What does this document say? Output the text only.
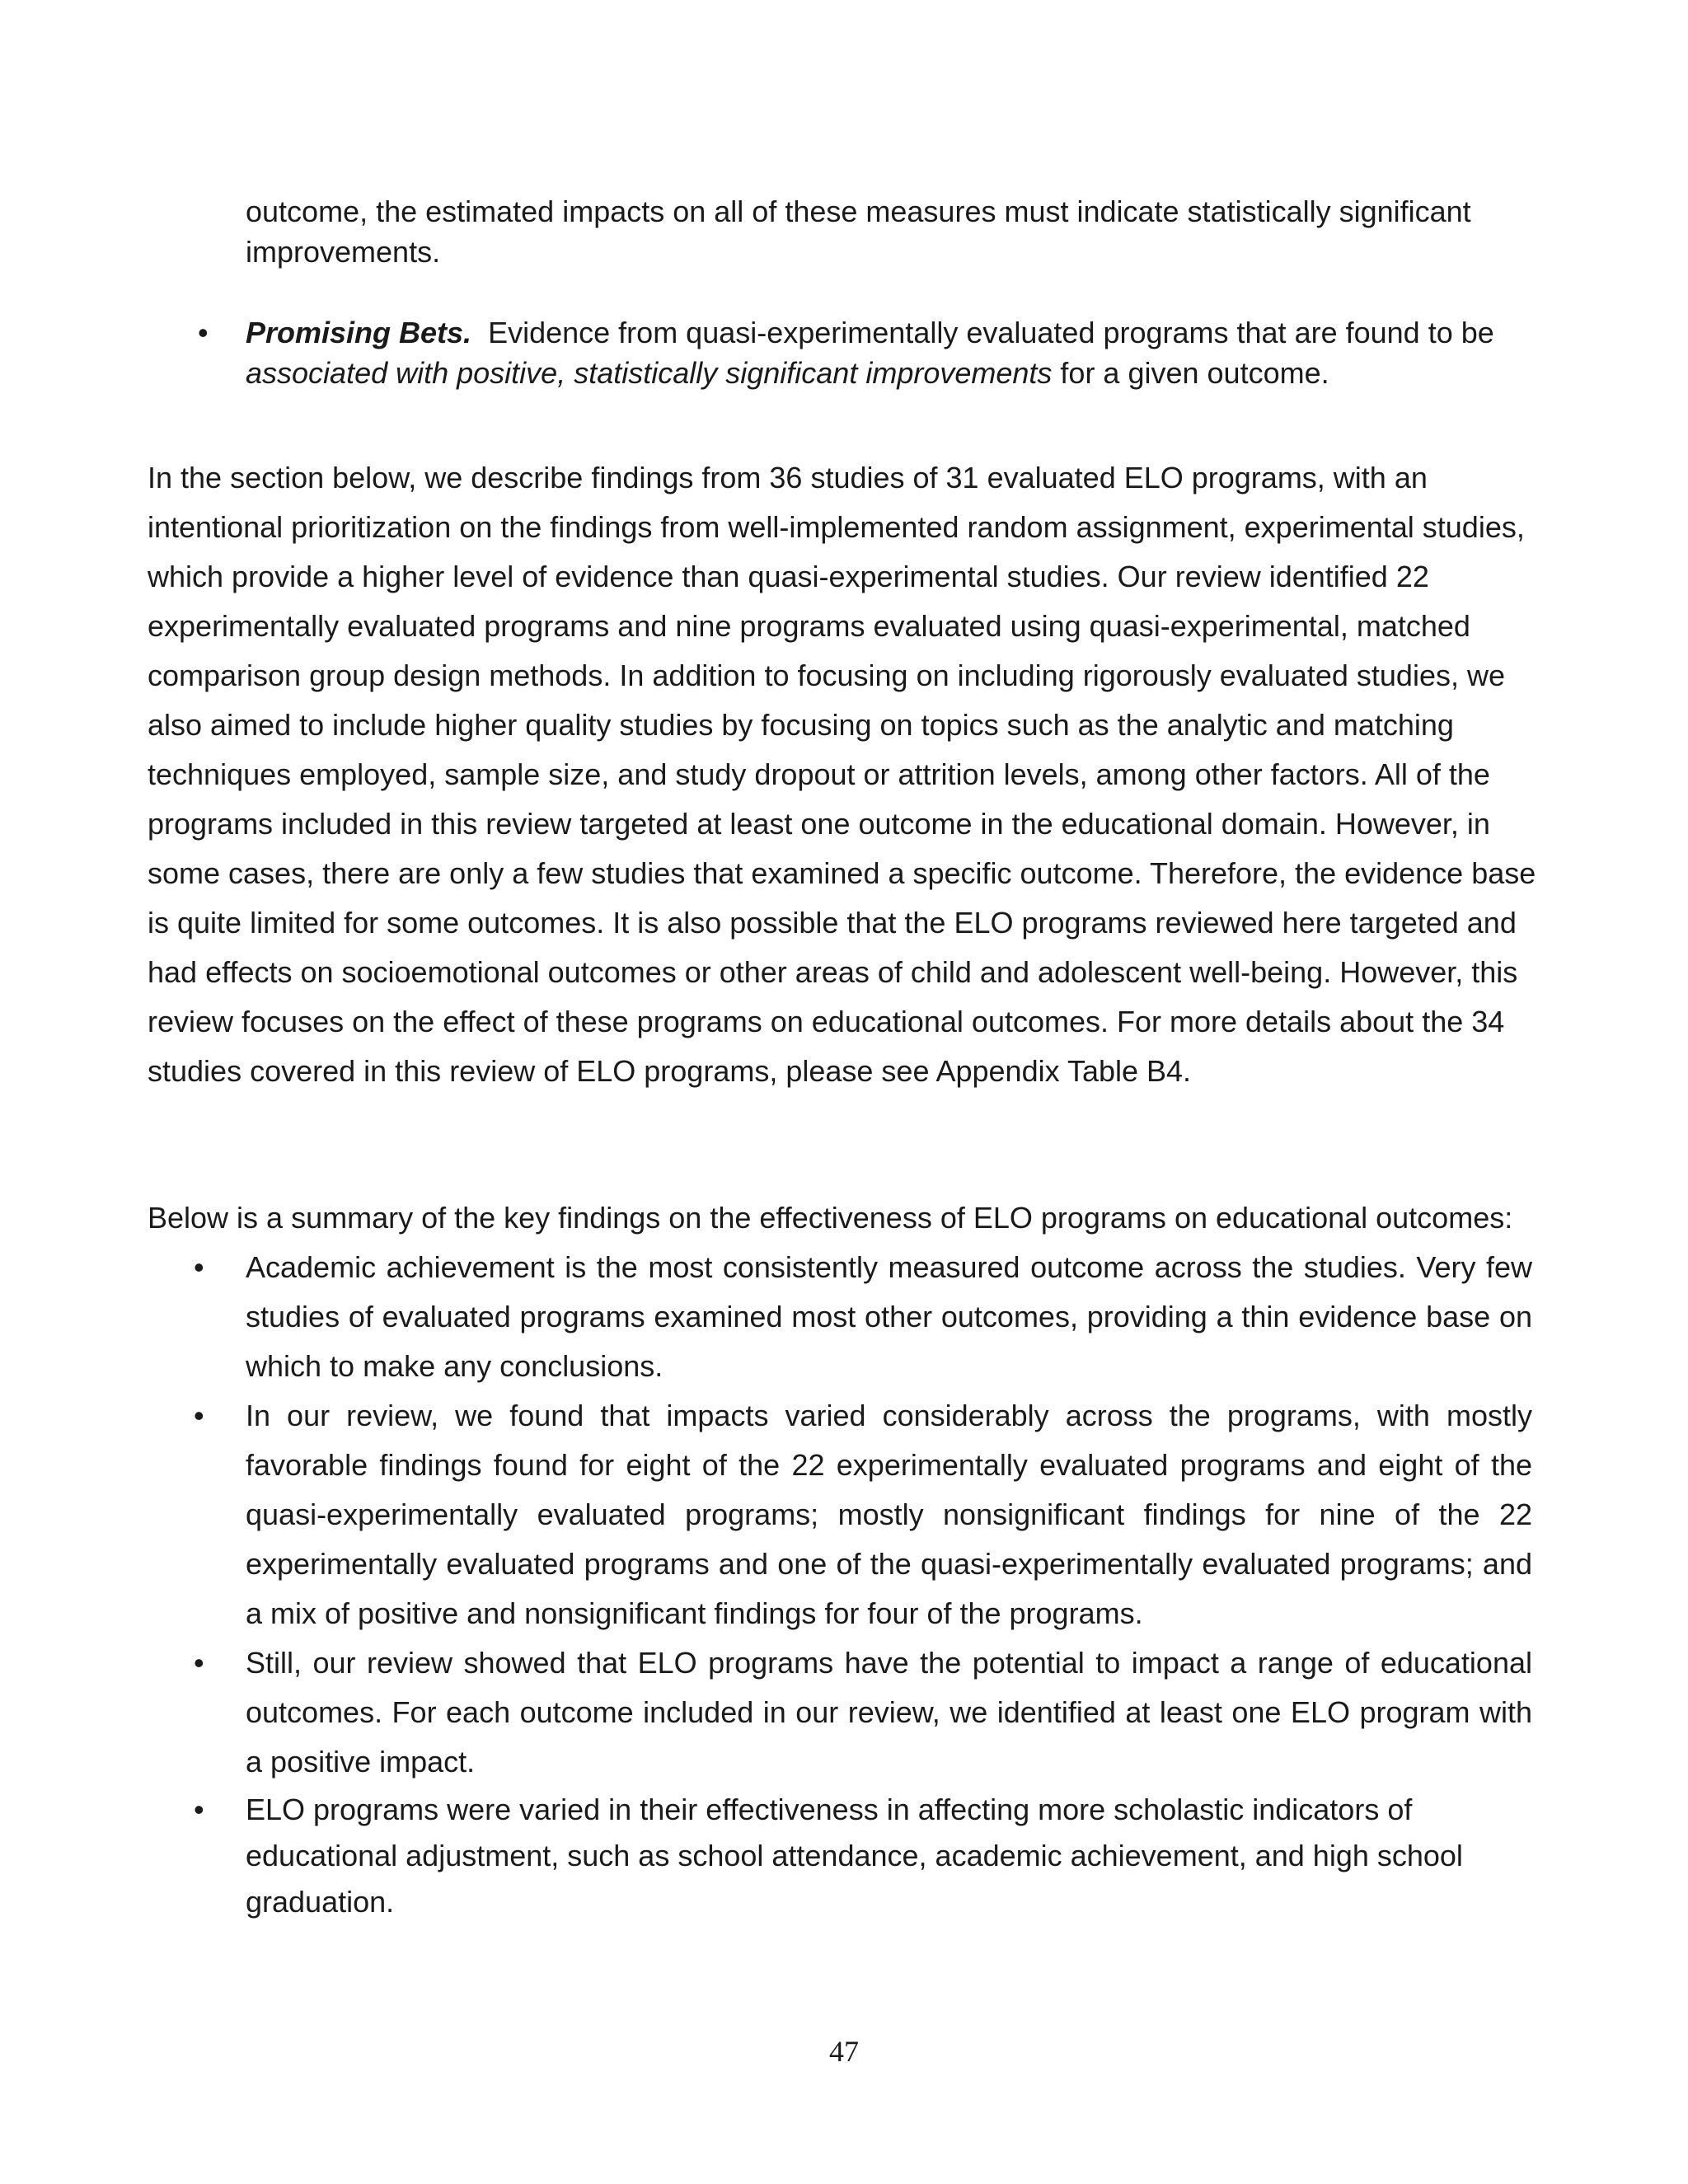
outcome, the estimated impacts on all of these measures must indicate statistically significant improvements.
• Promising Bets. Evidence from quasi-experimentally evaluated programs that are found to be associated with positive, statistically significant improvements for a given outcome.

In the section below, we describe findings from 36 studies of 31 evaluated ELO programs, with an intentional prioritization on the findings from well-implemented random assignment, experimental studies, which provide a higher level of evidence than quasi-experimental studies. Our review identified 22 experimentally evaluated programs and nine programs evaluated using quasi-experimental, matched comparison group design methods. In addition to focusing on including rigorously evaluated studies, we also aimed to include higher quality studies by focusing on topics such as the analytic and matching techniques employed, sample size, and study dropout or attrition levels, among other factors. All of the programs included in this review targeted at least one outcome in the educational domain. However, in some cases, there are only a few studies that examined a specific outcome. Therefore, the evidence base is quite limited for some outcomes. It is also possible that the ELO programs reviewed here targeted and had effects on socioemotional outcomes or other areas of child and adolescent well-being. However, this review focuses on the effect of these programs on educational outcomes. For more details about the 34 studies covered in this review of ELO programs, please see Appendix Table B4.

Below is a summary of the key findings on the effectiveness of ELO programs on educational outcomes:

• Academic achievement is the most consistently measured outcome across the studies. Very few studies of evaluated programs examined most other outcomes, providing a thin evidence base on which to make any conclusions.
• In our review, we found that impacts varied considerably across the programs, with mostly favorable findings found for eight of the 22 experimentally evaluated programs and eight of the quasi-experimentally evaluated programs; mostly nonsignificant findings for nine of the 22 experimentally evaluated programs and one of the quasi-experimentally evaluated programs; and a mix of positive and nonsignificant findings for four of the programs.
• Still, our review showed that ELO programs have the potential to impact a range of educational outcomes. For each outcome included in our review, we identified at least one ELO program with a positive impact.
• ELO programs were varied in their effectiveness in affecting more scholastic indicators of educational adjustment, such as school attendance, academic achievement, and high school graduation.
47
